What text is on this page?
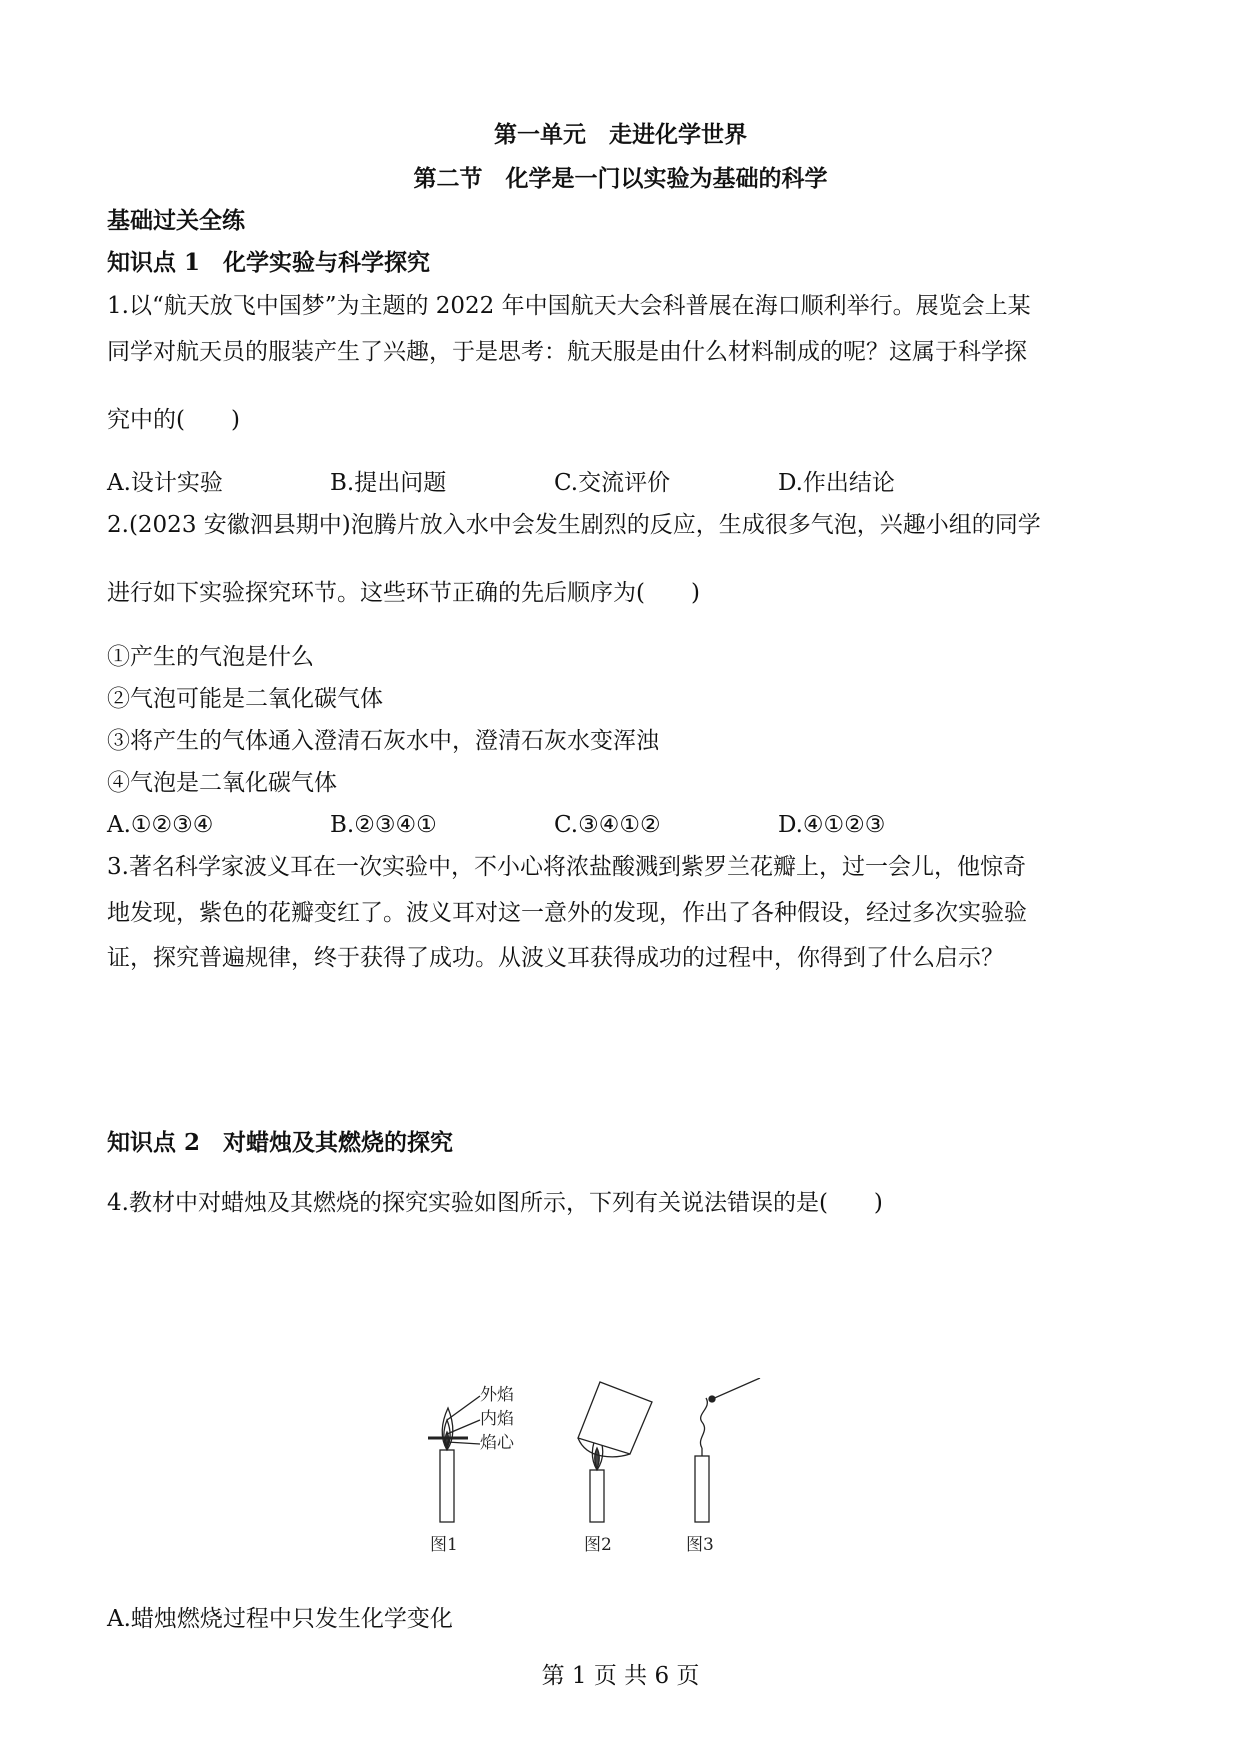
第一单元　走进化学世界
第二节　化学是一门以实验为基础的科学
基础过关全练
知识点 1　化学实验与科学探究
1.以“航天放飞中国梦”为主题的 2022 年中国航天大会科普展在海口顺利举行。展览会上某
同学对航天员的服装产生了兴趣，于是思考：航天服是由什么材料制成的呢？这属于科学探
究中的(　　)
A.设计实验	B.提出问题	C.交流评价	D.作出结论
2.(2023 安徽泗县期中)泡腾片放入水中会发生剧烈的反应，生成很多气泡，兴趣小组的同学
进行如下实验探究环节。这些环节正确的先后顺序为(　　)
①产生的气泡是什么
②气泡可能是二氧化碳气体
③将产生的气体通入澄清石灰水中，澄清石灰水变浑浊
④气泡是二氧化碳气体
A.①②③④	B.②③④①	C.③④①②	D.④①②③
3.著名科学家波义耳在一次实验中，不小心将浓盐酸溅到紫罗兰花瓣上，过一会儿，他惊奇
地发现，紫色的花瓣变红了。波义耳对这一意外的发现，作出了各种假设，经过多次实验验
证，探究普遍规律，终于获得了成功。从波义耳获得成功的过程中，你得到了什么启示？
知识点 2　对蜡烛及其燃烧的探究
4.教材中对蜡烛及其燃烧的探究实验如图所示，下列有关说法错误的是(　　)
外焰
内焰
焰心
图1	图2	图3
A.蜡烛燃烧过程中只发生化学变化
第 1 页 共 6 页
